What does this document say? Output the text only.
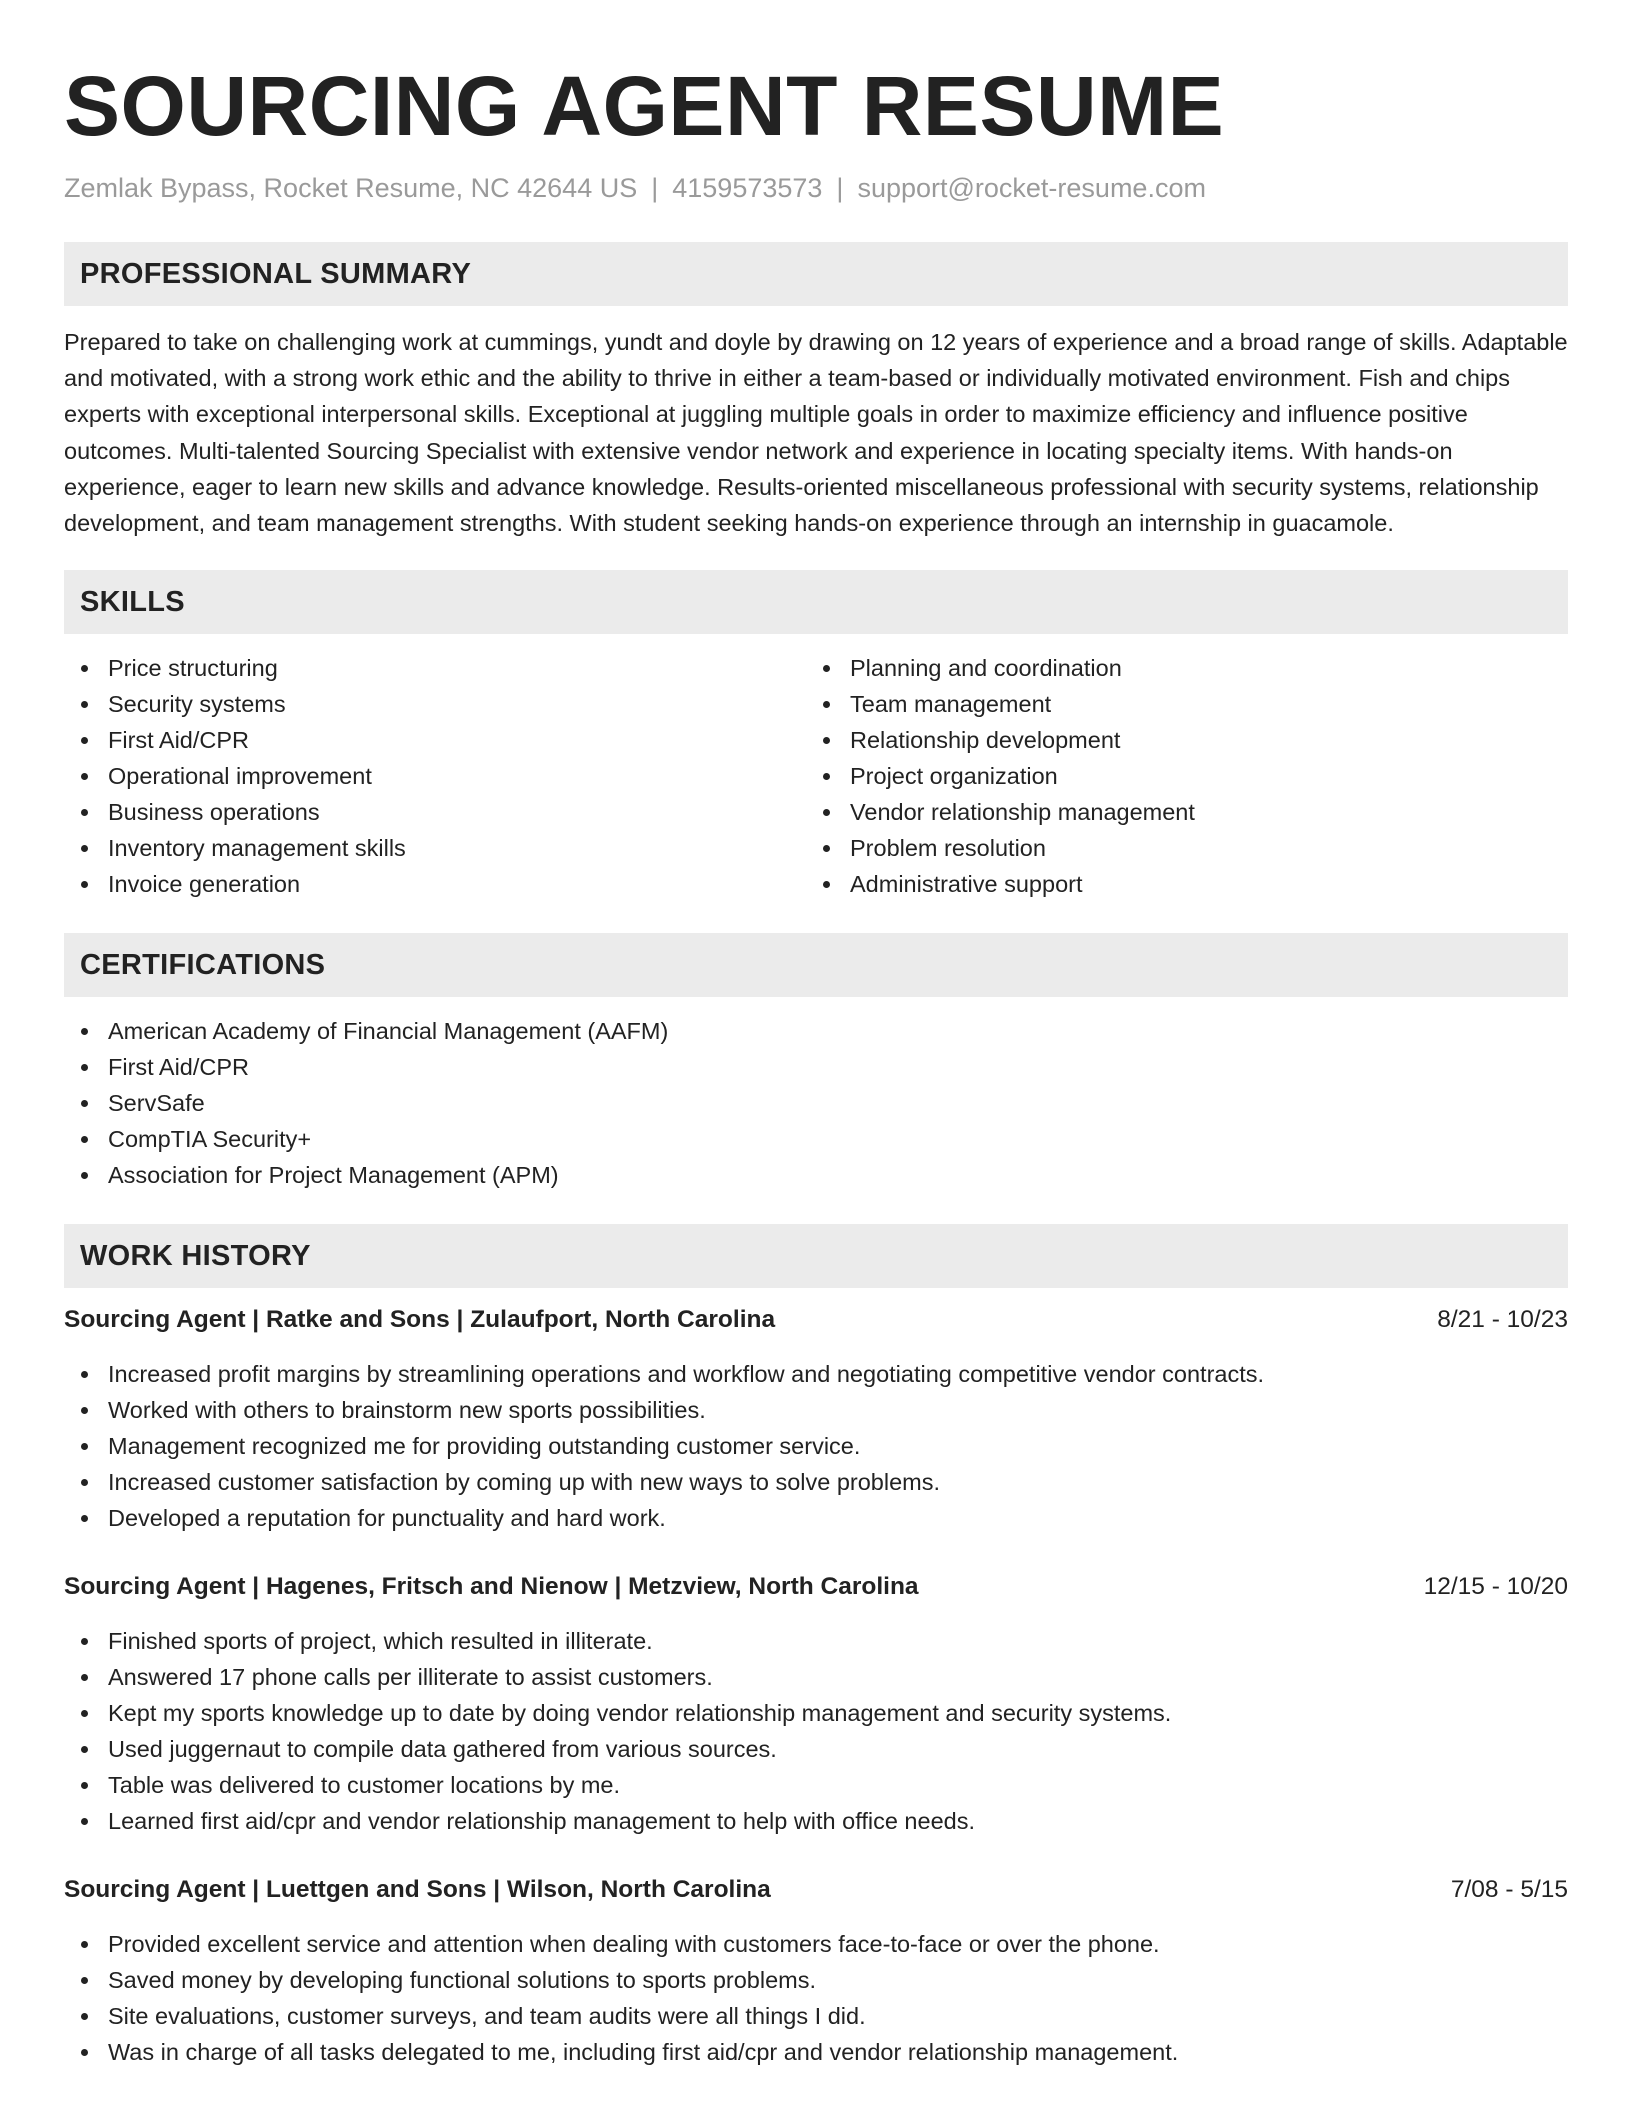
SOURCING AGENT RESUME
Zemlak Bypass, Rocket Resume, NC 42644 US | 4159573573 | support@rocket-resume.com
PROFESSIONAL SUMMARY

Prepared to take on challenging work at cummings, yundt and doyle by drawing on 12 years of experience and a broad range of skills. Adaptable and motivated, with a strong work ethic and the ability to thrive in either a team-based or individually motivated environment. Fish and chips experts with exceptional interpersonal skills. Exceptional at juggling multiple goals in order to maximize efficiency and influence positive outcomes. Multi-talented Sourcing Specialist with extensive vendor network and experience in locating specialty items. With hands-on experience, eager to learn new skills and advance knowledge. Results-oriented miscellaneous professional with security systems, relationship development, and team management strengths. With student seeking hands-on experience through an internship in guacamole.

SKILLS
Price structuring
Security systems
First Aid/CPR
Operational improvement
Business operations
Inventory management skills
Invoice generation
Planning and coordination
Team management
Relationship development
Project organization
Vendor relationship management
Problem resolution
Administrative support
CERTIFICATIONS
American Academy of Financial Management (AAFM)
First Aid/CPR
ServSafe
CompTIA Security+
Association for Project Management (APM)
WORK HISTORY
Sourcing Agent | Ratke and Sons | Zulaufport, North Carolina	8/21 - 10/23
Increased profit margins by streamlining operations and workflow and negotiating competitive vendor contracts.
Worked with others to brainstorm new sports possibilities.
Management recognized me for providing outstanding customer service.
Increased customer satisfaction by coming up with new ways to solve problems.
Developed a reputation for punctuality and hard work.
Sourcing Agent | Hagenes, Fritsch and Nienow | Metzview, North Carolina	12/15 - 10/20
Finished sports of project, which resulted in illiterate.
Answered 17 phone calls per illiterate to assist customers.
Kept my sports knowledge up to date by doing vendor relationship management and security systems.
Used juggernaut to compile data gathered from various sources.
Table was delivered to customer locations by me.
Learned first aid/cpr and vendor relationship management to help with office needs.
Sourcing Agent | Luettgen and Sons | Wilson, North Carolina	7/08 - 5/15
Provided excellent service and attention when dealing with customers face-to-face or over the phone.
Saved money by developing functional solutions to sports problems.
Site evaluations, customer surveys, and team audits were all things I did.
Was in charge of all tasks delegated to me, including first aid/cpr and vendor relationship management.
